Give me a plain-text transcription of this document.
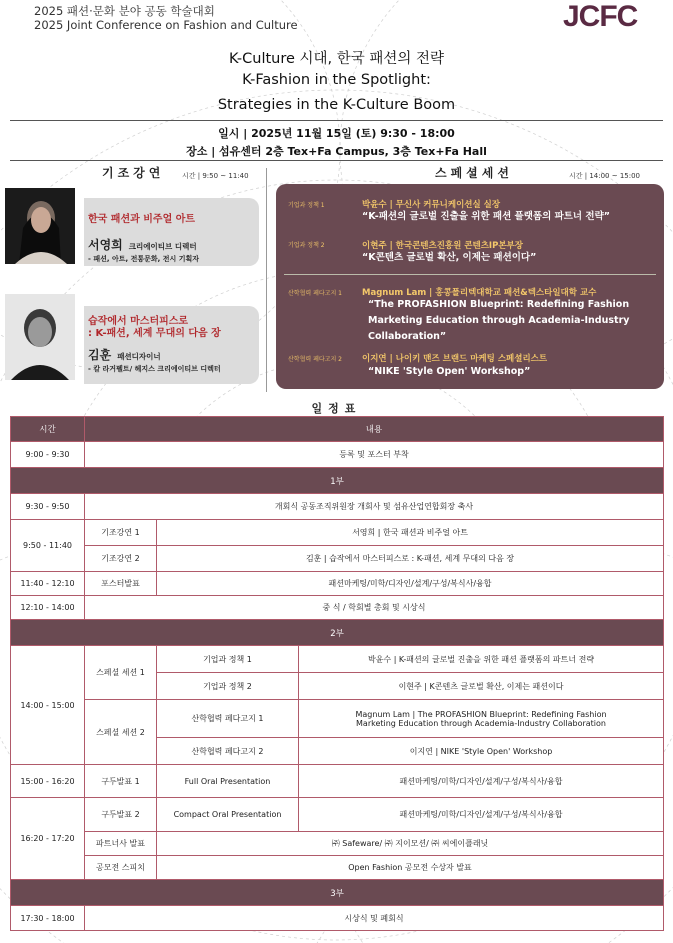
2025 패션·문화 분야 공동 학술대회
2025 Joint Conference on Fashion and Culture	JCFC
K-Culture 시대, 한국 패션의 전략
K-Fashion in the Spotlight:
Strategies in the K-Culture Boom
일시 | 2025년 11월 15일 (토) 9:30 - 18:00
장소 | 섬유센터 2층 Tex+Fa Campus, 3층 Tex+Fa Hall
기조강연	시간 | 9:50 ~ 11:40	스페셜세션	시간 | 14:00 ~ 15:00
한국 패션과 비주얼 아트
서영희 크리에이티브 디렉터
- 패션, 아트, 전통문화, 전시 기획자
습작에서 마스터피스로
: K-패션, 세계 무대의 다음 장
김훈 패션디자이너
- 칼 라거펠트/ 헤지스 크리에이티브 디렉터
기업과 정책 1	박윤수 | 무신사 커뮤니케이션실 실장
“K-패션의 글로벌 진출을 위한 패션 플랫폼의 파트너 전략”
기업과 정책 2	이현주 | 한국콘텐츠진흥원 콘텐츠IP본부장
“K콘텐츠 글로벌 확산, 이제는 패션이다”
산학협력 페다고지 1 Magnum Lam | 홍콩폴리텍대학교 패션&텍스타일대학 교수
“The PROFASHION Blueprint: Redefining Fashion
Marketing Education through Academia-Industry
Collaboration”
산학협력 페다고지 2 이지연 | 나이키 맨즈 브랜드 마케팅 스페셜리스트
“NIKE 'Style Open' Workshop”
일정표
시간	내용		
9:00 - 9:30	등록 및 포스터 부착		
1부			
9:30 - 9:50	개회식 공동조직위원장 개회사 및 섬유산업연합회장 축사		
9:50 - 11:40	기조강연 1	서영희 | 한국 패션과 비주얼 아트	
	기조강연 2	김훈 | 습작에서 마스터피스로 : K-패션, 세계 무대의 다음 장	
11:40 - 12:10	포스터발표	패션마케팅/미학/디자인/설계/구성/복식사/융합	
12:10 - 14:00	중 식 / 학회별 총회 및 시상식		
2부			
14:00 - 15:00	스페셜 세션 1	기업과 정책 1	박윤수 | K-패션의 글로벌 진출을 위한 패션 플랫폼의 파트너 전략
		기업과 정책 2	이현주 | K콘텐츠 글로벌 확산, 이제는 패션이다
	스페셜 세션 2	산학협력 페다고지 1	Magnum Lam | The PROFASHION Blueprint: Redefining Fashion
Marketing Education through Academia-Industry Collaboration

		산학협력 페다고지 2	이지연 | NIKE 'Style Open' Workshop
15:00 - 16:20	구두발표 1	Full Oral Presentation	패션마케팅/미학/디자인/설계/구성/복식사/융합
16:20 - 17:20	구두발표 2	Compact Oral Presentation	패션마케팅/미학/디자인/설계/구성/복식사/융합
	파트너사 발표	㈜ Safeware/ ㈜ 지이모션/ ㈜ 씨에이플래닛	
	공모전 스피치	Open Fashion 공모전 수상자 발표	
3부			
17:30 - 18:00	시상식 및 폐회식		
